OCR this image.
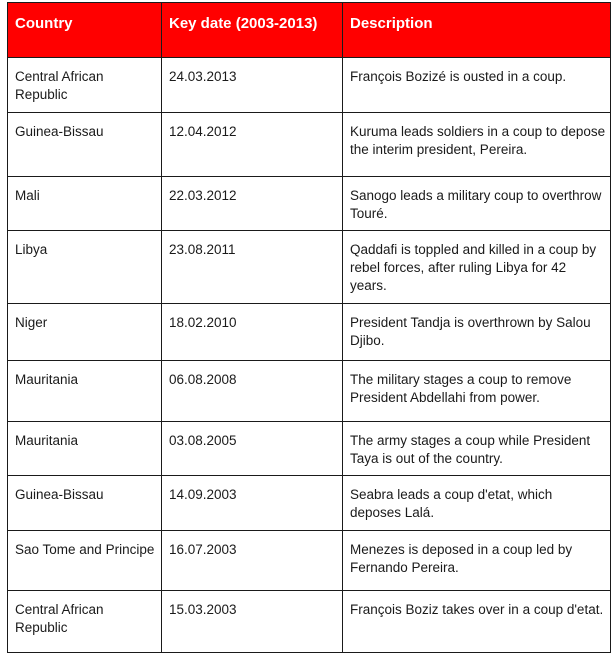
Country	Key date (2003-2013)	Description
Central African Republic	24.03.2013	François Bozizé is ousted in a coup.
Guinea-Bissau	12.04.2012	Kuruma leads soldiers in a coup to depose the interim president, Pereira.
Mali	22.03.2012	Sanogo leads a military coup to overthrow Touré.
Libya	23.08.2011	Qaddafi is toppled and killed in a coup by rebel forces, after ruling Libya for 42 years.
Niger	18.02.2010	President Tandja is overthrown by Salou Djibo.
Mauritania	06.08.2008	The military stages a coup to remove President Abdellahi from power.
Mauritania	03.08.2005	The army stages a coup while President Taya is out of the country.
Guinea-Bissau	14.09.2003	Seabra leads a coup d'etat, which deposes Lalá.
Sao Tome and Principe	16.07.2003	Menezes is deposed in a coup led by Fernando Pereira.
Central African Republic	15.03.2003	François Boziz takes over in a coup d'etat.
